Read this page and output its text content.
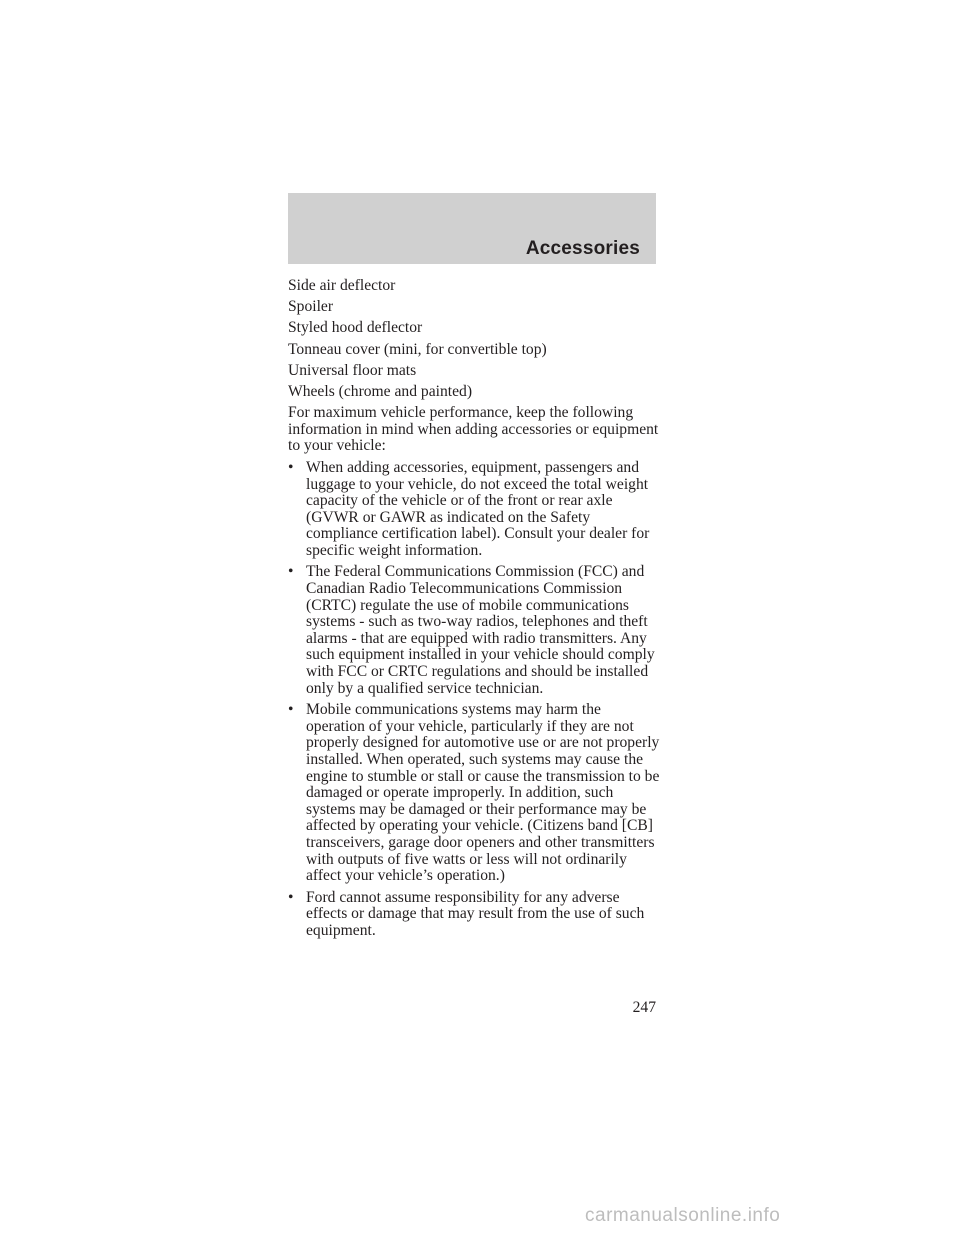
Accessories
Side air deflector
Spoiler
Styled hood deflector
Tonneau cover (mini, for convertible top)
Universal floor mats
Wheels (chrome and painted)
For maximum vehicle performance, keep the following information in mind when adding accessories or equipment to your vehicle:
• When adding accessories, equipment, passengers and luggage to your vehicle, do not exceed the total weight capacity of the vehicle or of the front or rear axle (GVWR or GAWR as indicated on the Safety compliance certification label). Consult your dealer for specific weight information.
• The Federal Communications Commission (FCC) and Canadian Radio Telecommunications Commission (CRTC) regulate the use of mobile communications systems - such as two-way radios, telephones and theft alarms - that are equipped with radio transmitters. Any such equipment installed in your vehicle should comply with FCC or CRTC regulations and should be installed only by a qualified service technician.
• Mobile communications systems may harm the operation of your vehicle, particularly if they are not properly designed for automotive use or are not properly installed. When operated, such systems may cause the engine to stumble or stall or cause the transmission to be damaged or operate improperly. In addition, such systems may be damaged or their performance may be affected by operating your vehicle. (Citizens band [CB] transceivers, garage door openers and other transmitters with outputs of five watts or less will not ordinarily affect your vehicle’s operation.)
• Ford cannot assume responsibility for any adverse effects or damage that may result from the use of such equipment.
247
carmanualsonline.info
